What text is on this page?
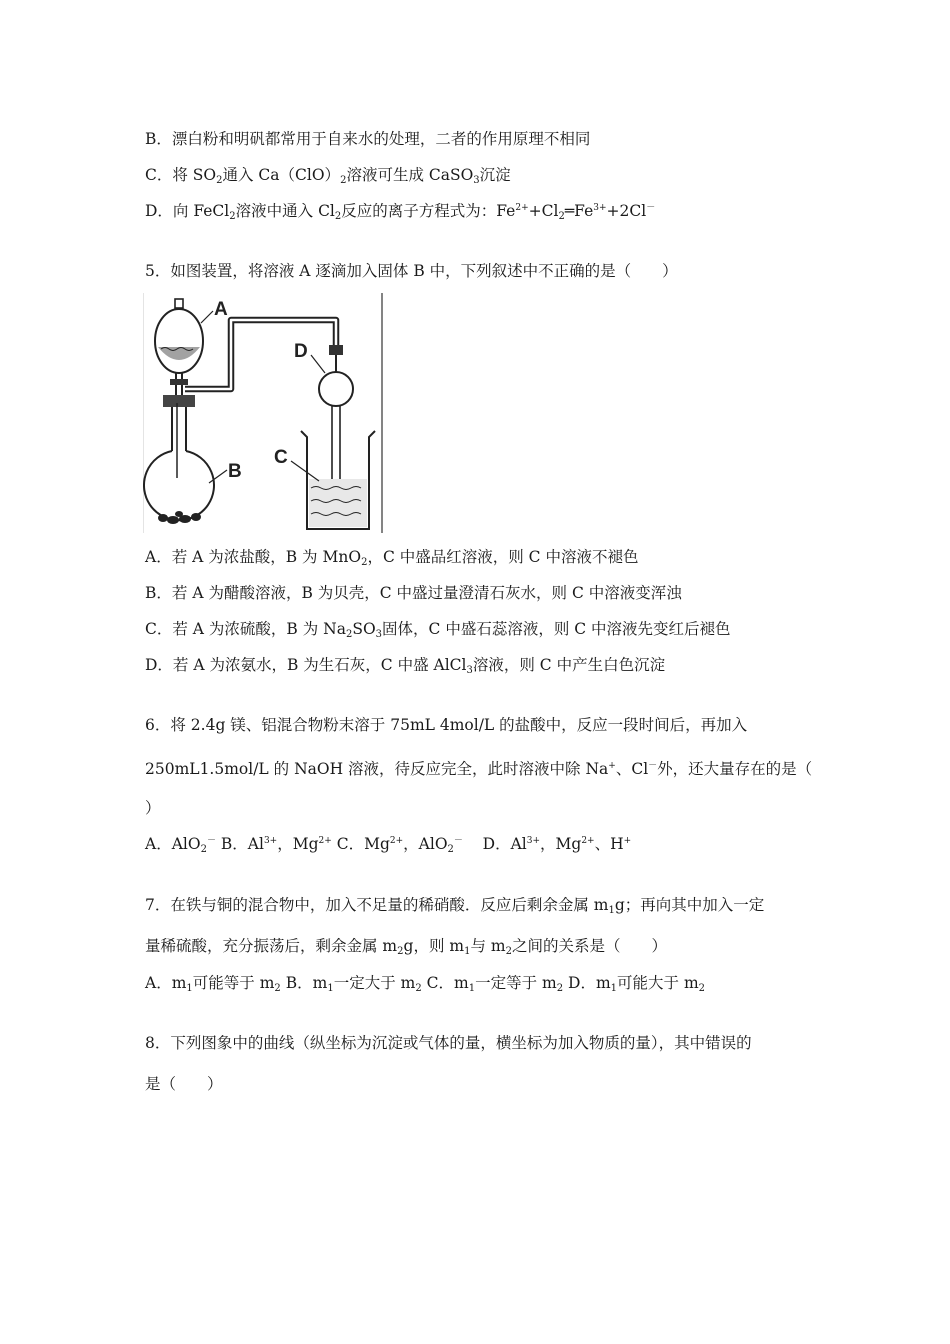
B．漂白粉和明矾都常用于自来水的处理，二者的作用原理不相同
C．将 $SO_2$通入 $Ca(ClO)_2$溶液可生成 CaSO$_3$沉淀
D．向 FeCl$_2$溶液中通入 $Cl_2$反应的离子方程式为：$Fe^{2+}+Cl_2═Fe^{3+}+2Cl^-$
5．如图装置，将溶液 A 逐滴加入固体 B 中，下列叙述中不正确的是（　　）
A
B
D
C
A．若 A 为浓盐酸，B 为 MnO$_2$，C 中盛品红溶液，则 C 中溶液不褪色
B．若 A 为醋酸溶液，B 为贝壳，C 中盛过量澄清石灰水，则 C 中溶液变浑浊
C．若 A 为浓硫酸，B 为 $Na_2SO_3$固体，C 中盛石蕊溶液，则 C 中溶液先变红后褪色
D．若 A 为浓氨水，B 为生石灰，C 中盛 AlCl$_3$溶液，则 C 中产生白色沉淀
6．将 2.4g 镁、铝混合物粉末溶于 75mL 4mol/L 的盐酸中，反应一段时间后，再加入
250mL1.5mol/L 的 NaOH 溶液，待反应完全，此时溶液中除 Na+、Cl－外，还大量存在的是（
）
A．AlO$_2$－ B．$Al^{3+}$，$Mg^{2+}$ C．$Mg^{2+}$，AlO$_2$－ D．$Al^{3+}$，$Mg^{2+}$、H+
7．在铁与铜的混合物中，加入不足量的稀硝酸．反应后剩余金属 $m_1g$；再向其中加入一定
量稀硫酸，充分振荡后，剩余金属 $m_2g$，则 $m_1$与 $m_2$之间的关系是（　　）
A．$m_1$可能等于 $m_2$ B．$m_1$一定大于 $m_2$ C．$m_1$一定等于 $m_2$ D．$m_1$可能大于 $m_2$
8．下列图象中的曲线（纵坐标为沉淀或气体的量，横坐标为加入物质的量），其中错误的
是（　　）
